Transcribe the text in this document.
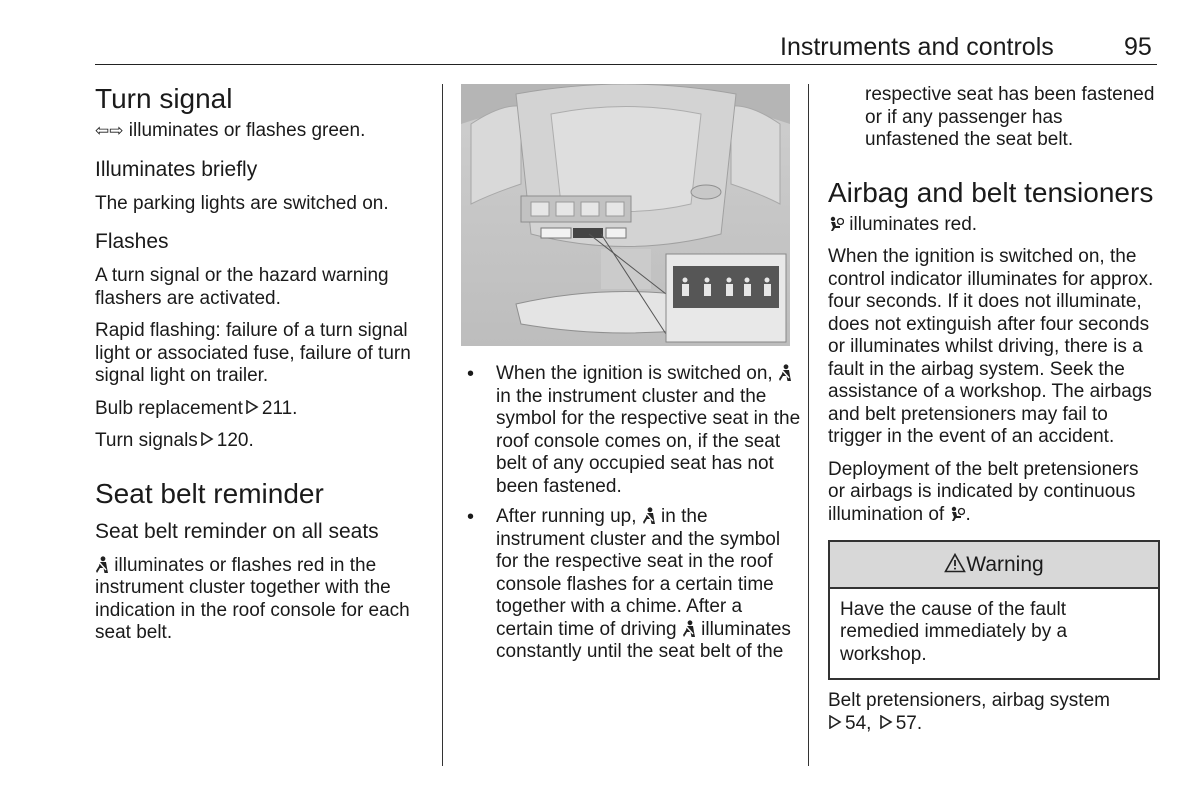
Instruments and controls	95
Turn signal

⇦⇨ illuminates or flashes green.

Illuminates briefly

The parking lights are switched on.

Flashes

A turn signal or the hazard warning flashers are activated.

Rapid flashing: failure of a turn signal light or associated fuse, failure of turn signal light on trailer.

Bulb replacement 211.

Turn signals 120.

Seat belt reminder
Seat belt reminder on all seats

illuminates or flashes red in the instrument cluster together with the indication in the roof console for each seat belt.

• When the ignition is switched on,  in the instrument cluster and the symbol for the respective seat in the roof console comes on, if the seat belt of any occupied seat has not been fastened.
• After running up,  in the instrument cluster and the symbol for the respective seat in the roof console flashes for a certain time together with a chime. After a certain time of driving  illuminates constantly until the seat belt of the

respective seat has been fastened or if any passenger has unfastened the seat belt.

Airbag and belt tensioners

illuminates red.

When the ignition is switched on, the control indicator illuminates for approx. four seconds. If it does not illuminate, does not extinguish after four seconds or illuminates whilst driving, there is a fault in the airbag system. Seek the assistance of a workshop. The airbags and belt pretensioners may fail to trigger in the event of an accident.

Deployment of the belt pretensioners or airbags is indicated by continuous illumination of .

Warning
Have the cause of the fault remedied immediately by a workshop.

Belt pretensioners, airbag system
54, 57.
